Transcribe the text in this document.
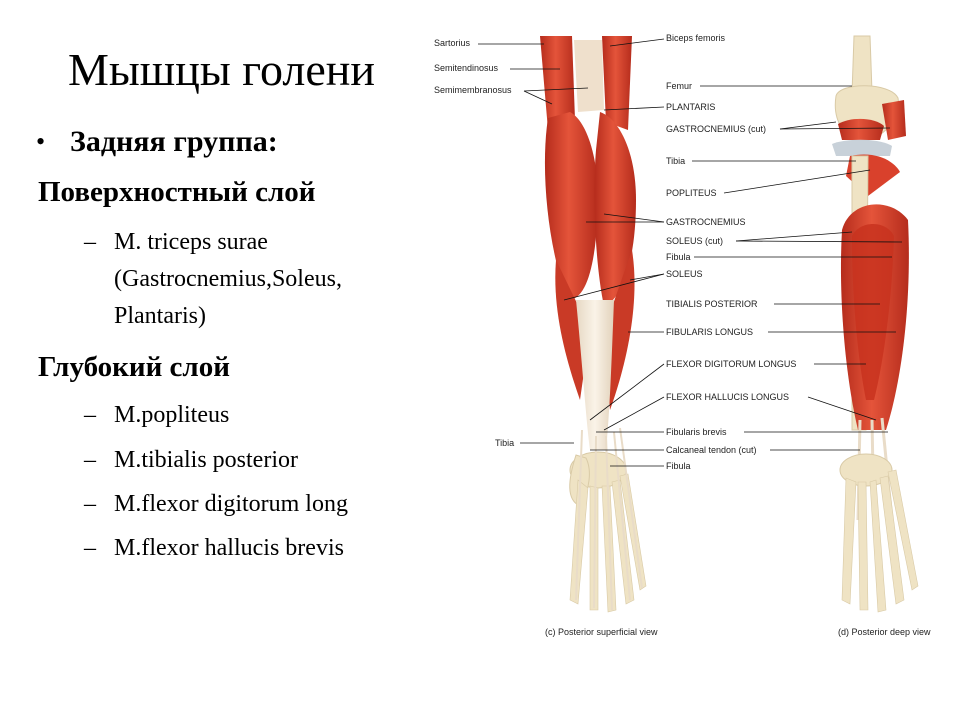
Мышцы голени
• Задняя группа:
Поверхностный слой
– M. triceps surae
(Gastrocnemius,Soleus,
Plantaris)
Глубокий слой
– M.popliteus
– M.tibialis posterior
– M.flexor digitorum long
– M.flexor hallucis brevis
Sartorius
Semitendinosus
Semimembranosus
Tibia
Biceps femoris
Femur
PLANTARIS
GASTROCNEMIUS (cut)
Tibia
POPLITEUS
GASTROCNEMIUS
SOLEUS (cut)
Fibula
SOLEUS
TIBIALIS POSTERIOR
FIBULARIS LONGUS
FLEXOR DIGITORUM LONGUS
FLEXOR HALLUCIS LONGUS
Fibularis brevis
Calcaneal tendon (cut)
Fibula
(c) Posterior superficial view	(d) Posterior deep view
